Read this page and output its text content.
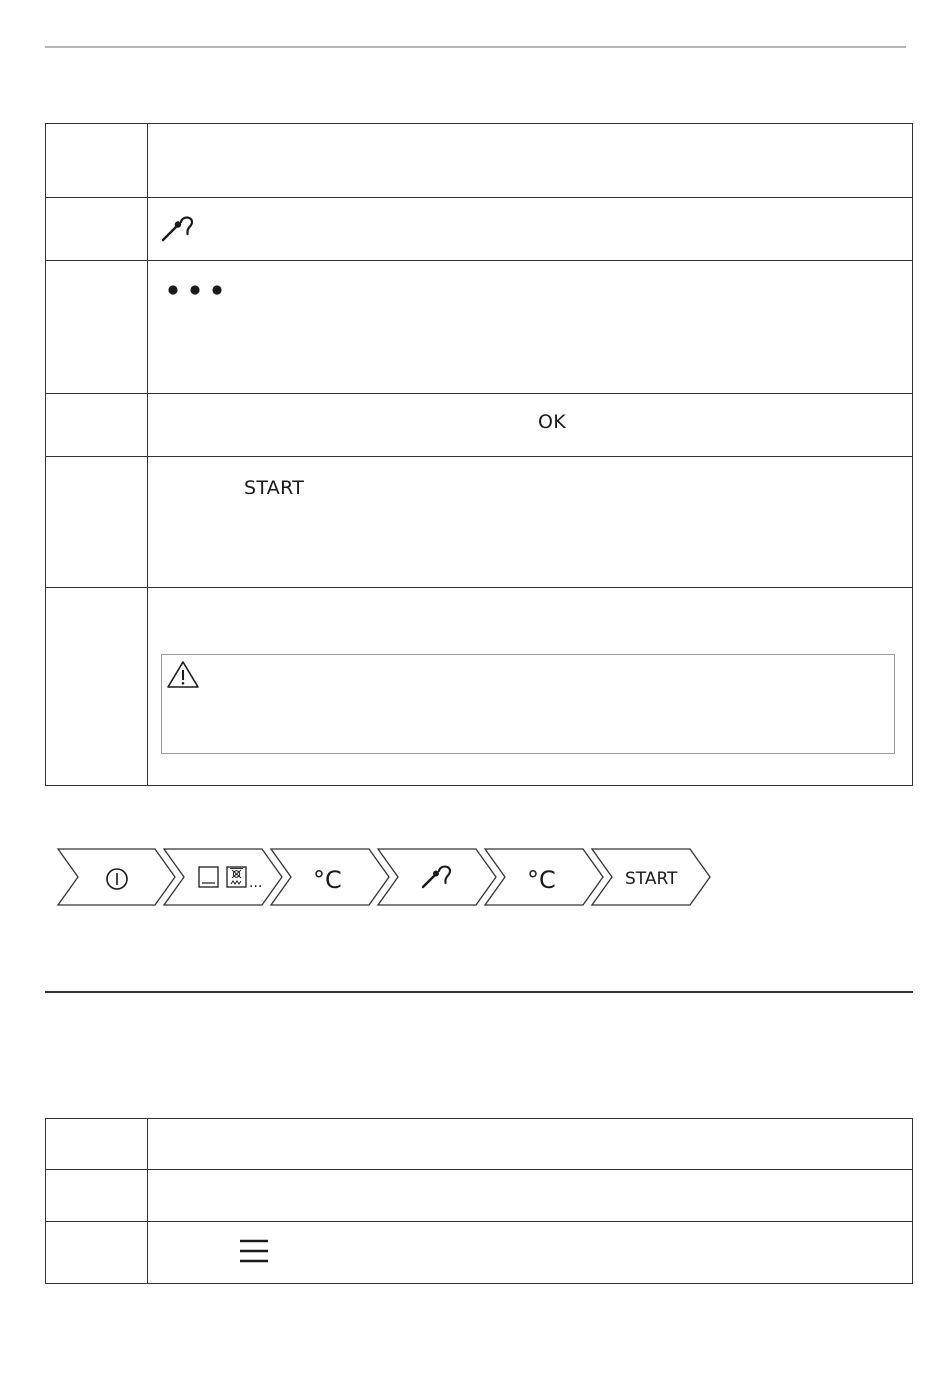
	OK

	START

... °C	°C	START
